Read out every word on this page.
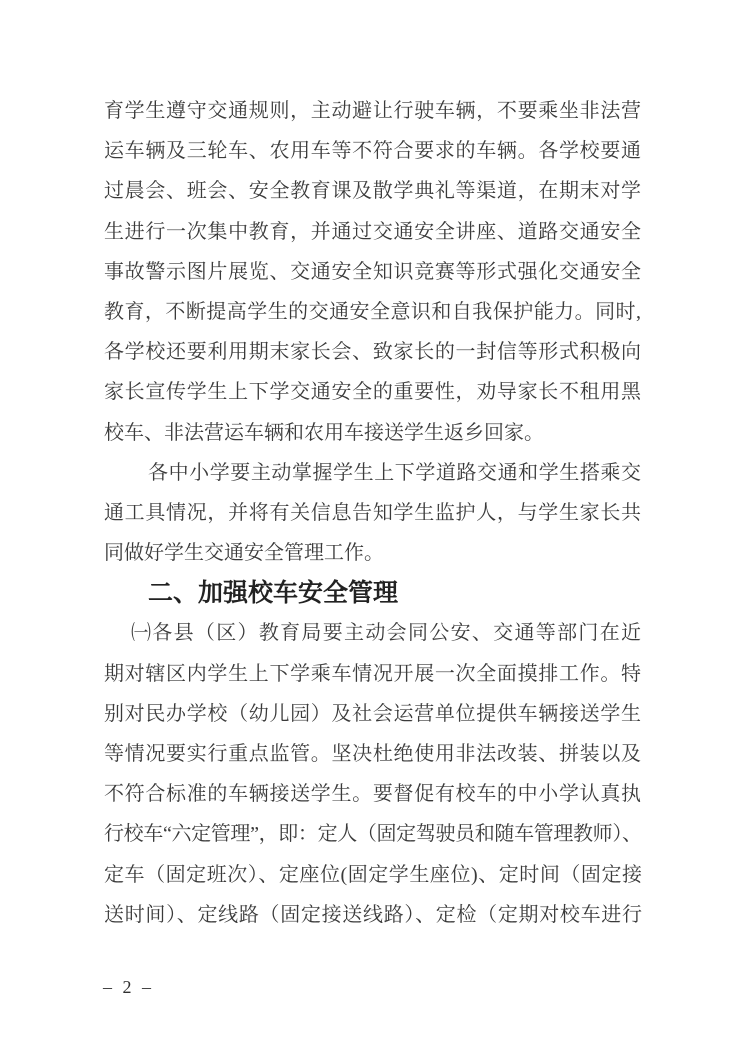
育学生遵守交通规则，主动避让行驶车辆，不要乘坐非法营
运车辆及三轮车、农用车等不符合要求的车辆。各学校要通
过晨会、班会、安全教育课及散学典礼等渠道，在期末对学
生进行一次集中教育，并通过交通安全讲座、道路交通安全
事故警示图片展览、交通安全知识竞赛等形式强化交通安全
教育，不断提高学生的交通安全意识和自我保护能力。同时,
各学校还要利用期末家长会、致家长的一封信等形式积极向
家长宣传学生上下学交通安全的重要性，劝导家长不租用黑
校车、非法营运车辆和农用车接送学生返乡回家。
各中小学要主动掌握学生上下学道路交通和学生搭乘交
通工具情况，并将有关信息告知学生监护人，与学生家长共
同做好学生交通安全管理工作。
二、加强校车安全管理
㈠各县（区）教育局要主动会同公安、交通等部门在近
期对辖区内学生上下学乘车情况开展一次全面摸排工作。特
别对民办学校（幼儿园）及社会运营单位提供车辆接送学生
等情况要实行重点监管。坚决杜绝使用非法改装、拼装以及
不符合标准的车辆接送学生。要督促有校车的中小学认真执
行校车“六定管理”，即：定人（固定驾驶员和随车管理教师）、
定车（固定班次）、定座位(固定学生座位)、定时间（固定接
送时间）、定线路（固定接送线路）、定检（定期对校车进行
– 2 –
